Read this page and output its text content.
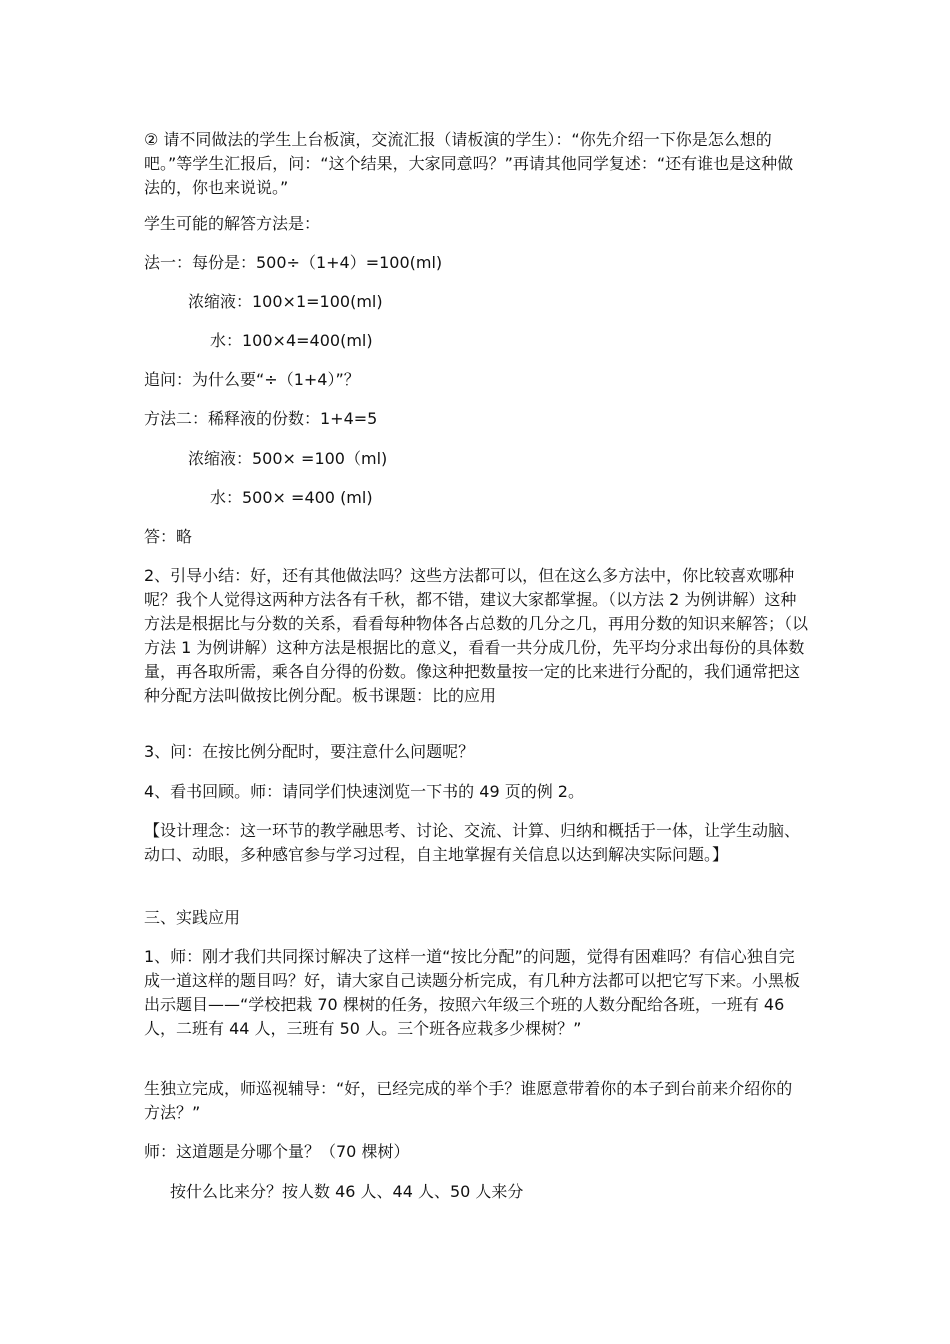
② 请不同做法的学生上台板演，交流汇报（请板演的学生）：“你先介绍一下你是怎么想的吧。”等学生汇报后，问：“这个结果，大家同意吗？”再请其他同学复述：“还有谁也是这种做法的，你也来说说。”

学生可能的解答方法是：

法一：每份是：500÷（1+4）=100(ml)

浓缩液：100×1=100(ml)

水：100×4=400(ml)

追问：为什么要“÷（1+4）”？

方法二：稀释液的份数：1+4=5

浓缩液：500× =100（ml)

水：500× =400 (ml)

答：略

2、引导小结：好，还有其他做法吗？这些方法都可以，但在这么多方法中，你比较喜欢哪种呢？我个人觉得这两种方法各有千秋，都不错，建议大家都掌握。（以方法 2 为例讲解）这种方法是根据比与分数的关系，看看每种物体各占总数的几分之几，再用分数的知识来解答；（以方法 1 为例讲解）这种方法是根据比的意义，看看一共分成几份，先平均分求出每份的具体数量，再各取所需，乘各自分得的份数。像这种把数量按一定的比来进行分配的，我们通常把这种分配方法叫做按比例分配。板书课题：比的应用

3、问：在按比例分配时，要注意什么问题呢？

4、看书回顾。师：请同学们快速浏览一下书的 49 页的例 2。

【设计理念：这一环节的教学融思考、讨论、交流、计算、归纳和概括于一体，让学生动脑、动口、动眼，多种感官参与学习过程，自主地掌握有关信息以达到解决实际问题。】

三、实践应用

1、师：刚才我们共同探讨解决了这样一道“按比分配”的问题，觉得有困难吗？有信心独自完成一道这样的题目吗？好，请大家自己读题分析完成，有几种方法都可以把它写下来。小黑板出示题目——“学校把栽 70 棵树的任务，按照六年级三个班的人数分配给各班，一班有 46 人，二班有 44 人，三班有 50 人。三个班各应栽多少棵树？”

生独立完成，师巡视辅导：“好，已经完成的举个手？谁愿意带着你的本子到台前来介绍你的方法？”

师：这道题是分哪个量？（70 棵树）

按什么比来分？按人数 46 人、44 人、50 人来分
